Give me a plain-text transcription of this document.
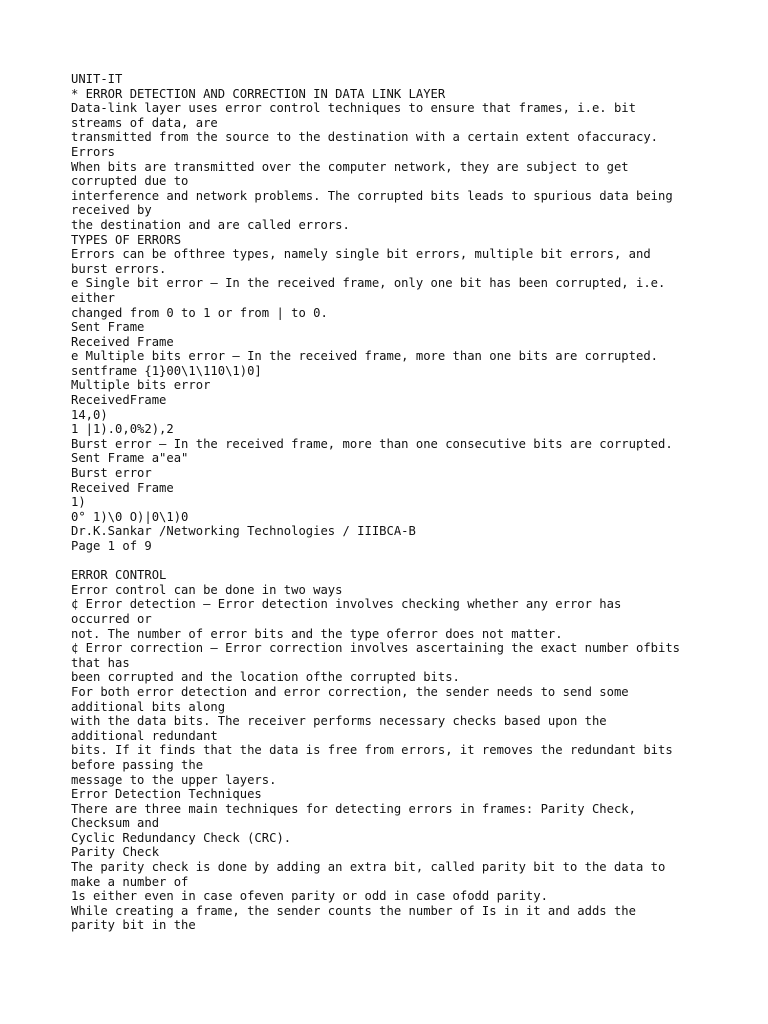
UNIT-IT
* ERROR DETECTION AND CORRECTION IN DATA LINK LAYER
Data-link layer uses error control techniques to ensure that frames, i.e. bit
streams of data, are
transmitted from the source to the destination with a certain extent ofaccuracy.
Errors
When bits are transmitted over the computer network, they are subject to get
corrupted due to
interference and network problems. The corrupted bits leads to spurious data being
received by
the destination and are called errors.
TYPES OF ERRORS
Errors can be ofthree types, namely single bit errors, multiple bit errors, and
burst errors.
e Single bit error — In the received frame, only one bit has been corrupted, i.e.
either
changed from 0 to 1 or from | to 0.
Sent Frame
Received Frame
e Multiple bits error — In the received frame, more than one bits are corrupted.
sentframe {1}00\1\110\1)0]
Multiple bits error
ReceivedFrame
14,0)
1 |1).0,0%2),2
Burst error — In the received frame, more than one consecutive bits are corrupted.
Sent Frame a"ea"
Burst error
Received Frame
1)
0° 1)\0 O)|0\1)0
Dr.K.Sankar /Networking Technologies / IIIBCA-B
Page 1 of 9
ERROR CONTROL
Error control can be done in two ways
¢ Error detection — Error detection involves checking whether any error has
occurred or
not. The number of error bits and the type oferror does not matter.
¢ Error correction — Error correction involves ascertaining the exact number ofbits
that has
been corrupted and the location ofthe corrupted bits.
For both error detection and error correction, the sender needs to send some
additional bits along
with the data bits. The receiver performs necessary checks based upon the
additional redundant
bits. If it finds that the data is free from errors, it removes the redundant bits
before passing the
message to the upper layers.
Error Detection Techniques
There are three main techniques for detecting errors in frames: Parity Check,
Checksum and
Cyclic Redundancy Check (CRC).
Parity Check
The parity check is done by adding an extra bit, called parity bit to the data to
make a number of
1s either even in case ofeven parity or odd in case ofodd parity.
While creating a frame, the sender counts the number of Is in it and adds the
parity bit in the
